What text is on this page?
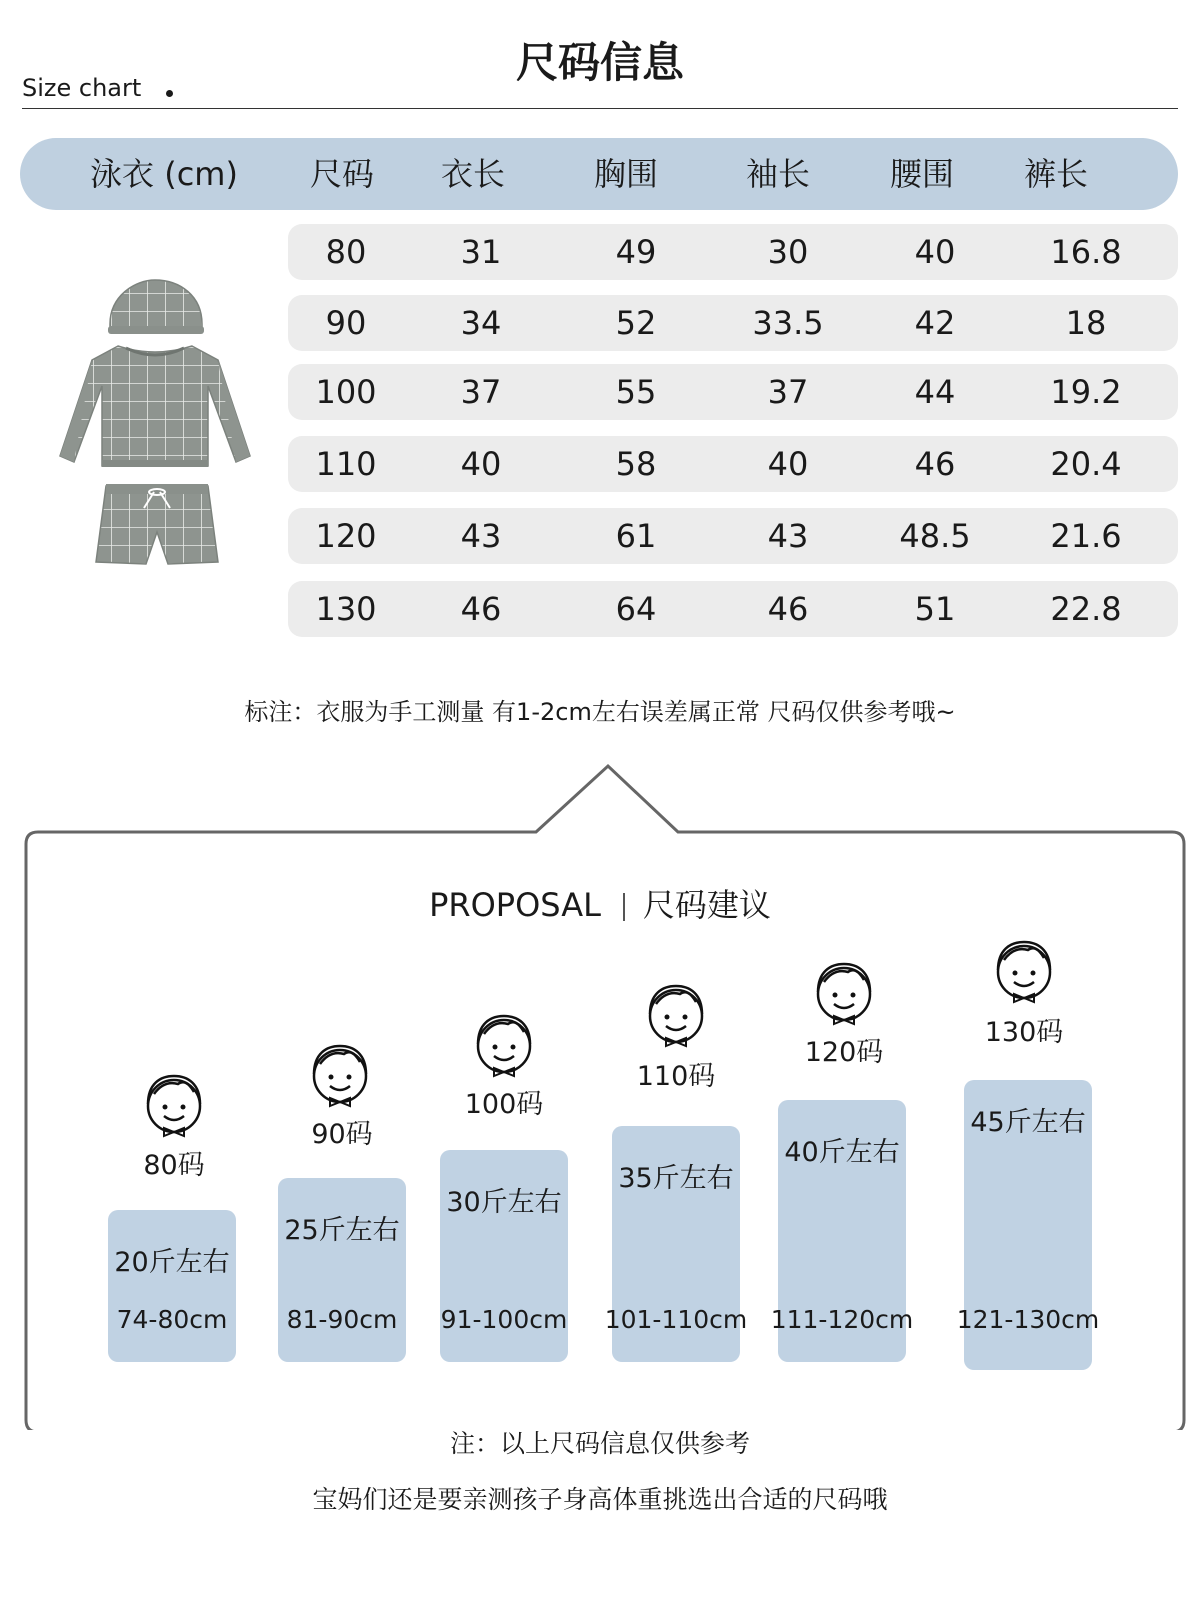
尺码信息
Size chart
泳衣 (cm) 尺码 衣长	胸围	袖长 腰围 裤长
80	31	49	30	40	16.8
90	34	52	33.5	42	18
100	37	55	37	44	19.2
110	40	58	40	46	20.4
120	43	61	43	48.5 21.6
130	46	64	46	51	22.8
标注：衣服为手工测量 有1-2cm左右误差属正常 尺码仅供参考哦~
PROPOSAL 尺码建议
80码
20斤左右
74-80cm
90码
25斤左右
81-90cm
100码
30斤左右
91-100cm
110码
35斤左右
101-110cm
120码
40斤左右
111-120cm
130码
45斤左右
121-130cm
注：以上尺码信息仅供参考
宝妈们还是要亲测孩子身高体重挑选出合适的尺码哦
